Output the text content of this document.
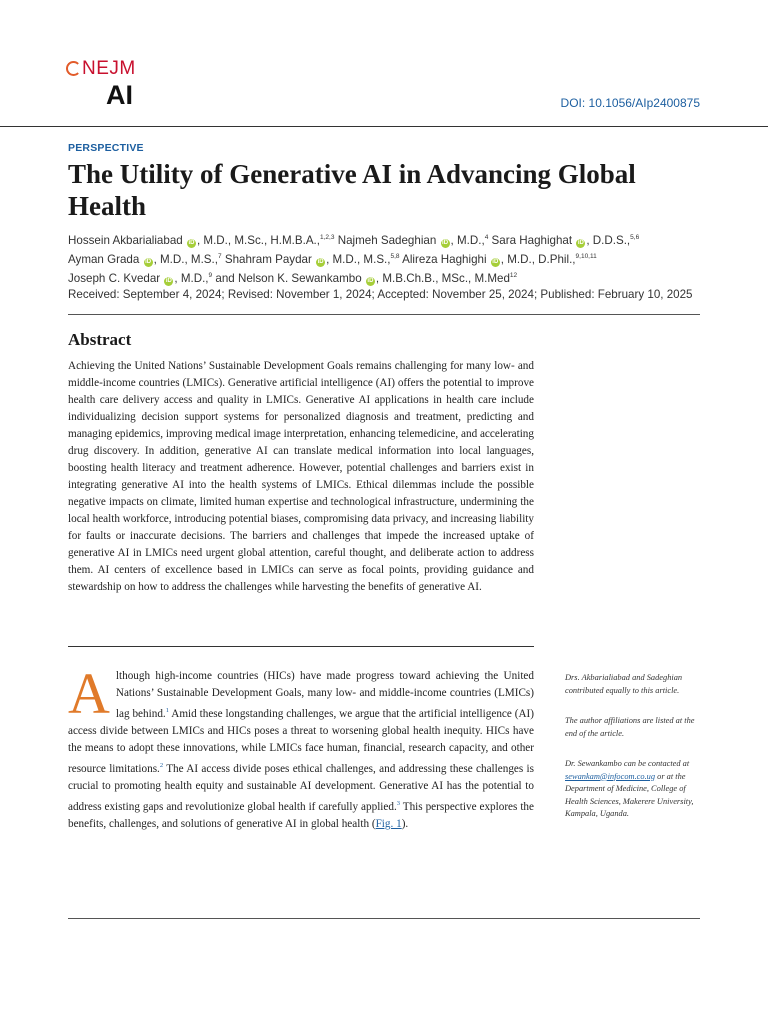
NEJM
AI	DOI: 10.1056/AIp2400875
PERSPECTIVE
The Utility of Generative AI in Advancing Global Health
Hossein Akbarialiabad iD , M.D., M.Sc., H.M.B.A.,$^{1,2,3}$ Najmeh Sadeghian iD , M.D.,$^4$ Sara Haghighat iD , D.D.S.,$^{5,6}$
Ayman Grada iD , M.D., M.S.,$^7$ Shahram Paydar iD , M.D., M.S.,$^{5,8}$ Alireza Haghighi iD , M.D., D.Phil.,$^{9,10,11}$
Joseph C. Kvedar iD , M.D.,$^9$ and Nelson K. Sewankambo iD , M.B.Ch.B., MSc., M.Med$^{12}$
Received: September 4, 2024; Revised: November 1, 2024; Accepted: November 25, 2024; Published: February 10, 2025
Abstract

Achieving the United Nations’ Sustainable Development Goals remains challenging for many low- and middle-income countries (LMICs). Generative artificial intelligence (AI) offers the potential to improve health care delivery access and quality in LMICs. Generative AI applications in health care include individualizing decision support systems for personalized diagnosis and treatment, predicting and managing epidemics, improving medical image interpretation, enhancing telemedicine, and accelerating drug discovery. In addition, generative AI can translate medical information into local languages, boosting health literacy and treatment adherence. However, potential challenges and barriers exist in integrating generative AI into the health systems of LMICs. Ethical dilemmas include the possible negative impacts on climate, limited human expertise and technological infrastructure, undermining the local health workforce, introducing potential biases, compromising data privacy, and increasing liability for faults or inaccurate decisions. The barriers and challenges that impede the increased uptake of generative AI in LMICs need urgent global attention, careful thought, and deliberate action to address them. AI centers of excellence based in LMICs can serve as focal points, providing guidance and stewardship on how to address the challenges while harvesting the benefits of generative AI.

Although high-income countries (HICs) have made progress toward achieving the United Nations’ Sustainable Development Goals, many low- and middle-income countries (LMICs) lag behind.$^1$ Amid these longstanding challenges, we argue that the artificial intelligence (AI) access divide between LMICs and HICs poses a threat to worsening global health inequity. HICs have the means to adopt these innovations, while LMICs face human, financial, research capacity, and other resource limitations.$^2$ The AI access divide poses ethical challenges, and addressing these challenges is crucial to promoting health equity and sustainable AI development. Generative AI has the potential to address existing gaps and revolutionize global health if carefully applied.$^3$ This perspective explores the benefits, challenges, and solutions of generative AI in global health (Fig. 1).

Drs. Akbarialiabad and Sadeghian contributed equally to this article.

The author affiliations are listed at the end of the article.

Dr. Sewankambo can be contacted at sewankam@infocom.co.ug or at the Department of Medicine, College of Health Sciences, Makerere University, Kampala, Uganda.
